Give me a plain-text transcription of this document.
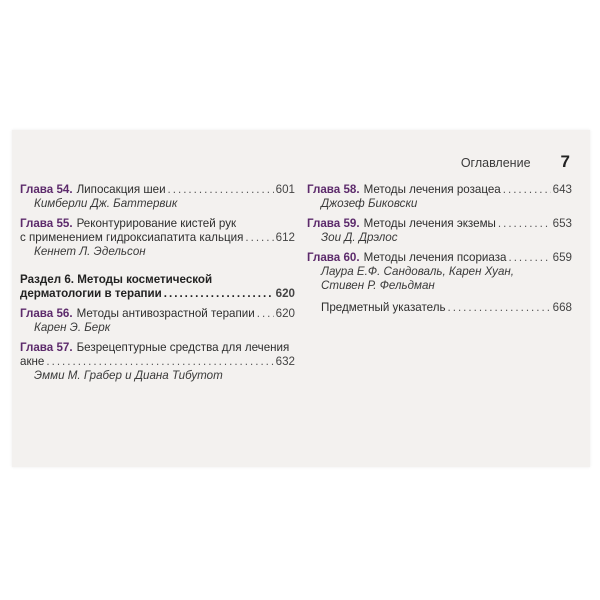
Оглавление 7
Глава 54. Липосакция шеи .....	601
Кимберли Дж. Баттервик
Глава 55. Реконтурирование кистей рук
с применением гидроксиапатита кальция .....	612
Кеннет Л. Эдельсон
Раздел 6. Методы косметической
дерматологии в терапии .....	620
Глава 56. Методы антивозрастной терапии ..... 620
Карен Э. Берк
Глава 57. Безрецептурные средства для лечения
акне .....	632
Эмми М. Грабер и Диана Тибутот
Глава 58. Методы лечения розацеа .....	643
Джозеф Биковски
Глава 59. Методы лечения экземы .....	653
Зои Д. Дрэлос
Глава 60. Методы лечения псориаза .....	659
Лаура Е.Ф. Сандоваль, Карен Хуан,
Стивен Р. Фельдман
Предметный указатель .....	668
